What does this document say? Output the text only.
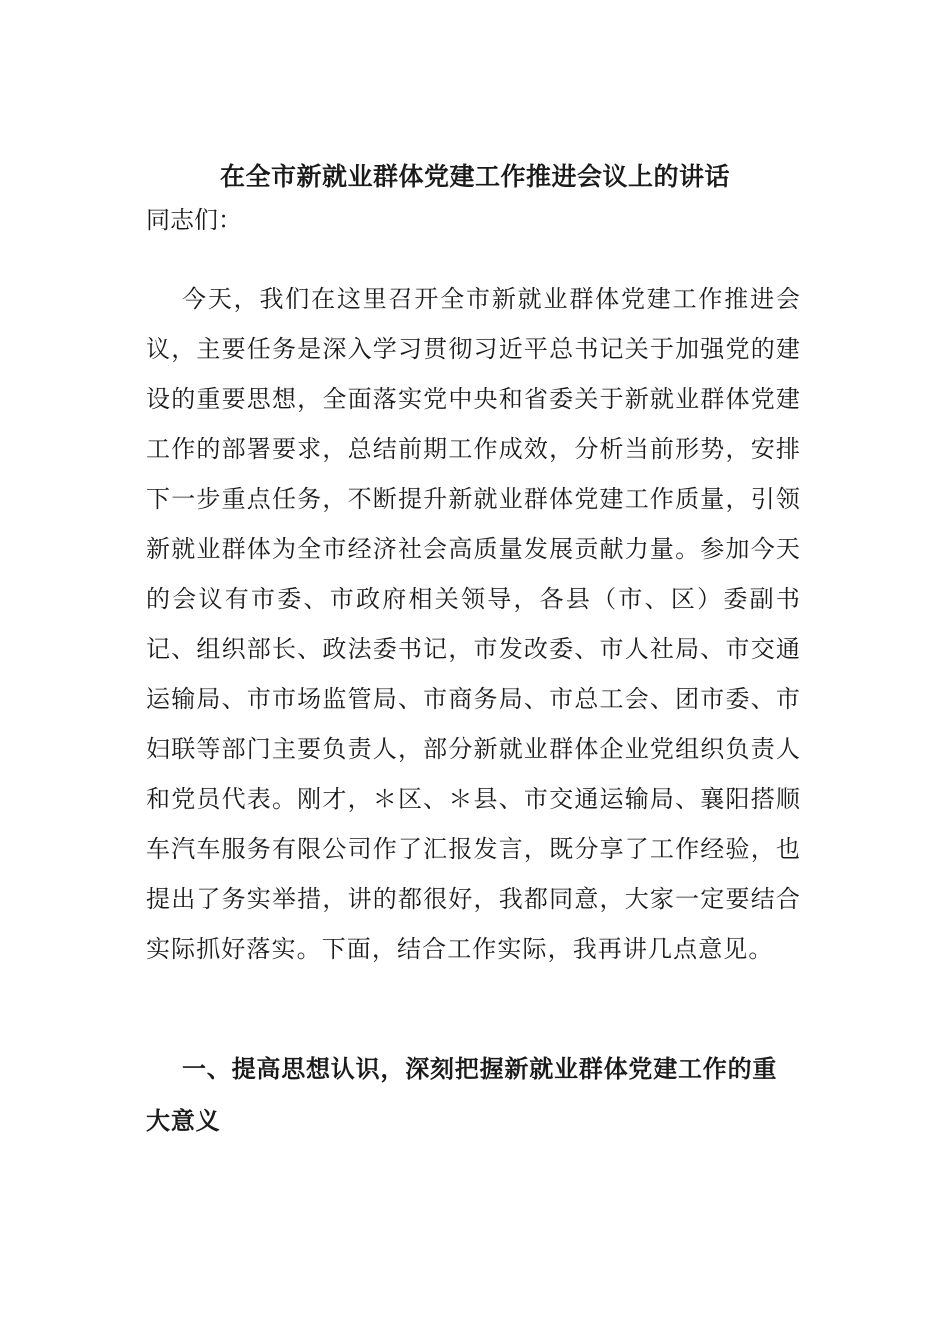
在全市新就业群体党建工作推进会议上的讲话

同志们：

今天，我们在这里召开全市新就业群体党建工作推进会议，主要任务是深入学习贯彻习近平总书记关于加强党的建设的重要思想，全面落实党中央和省委关于新就业群体党建工作的部署要求，总结前期工作成效，分析当前形势，安排下一步重点任务，不断提升新就业群体党建工作质量，引领新就业群体为全市经济社会高质量发展贡献力量。参加今天的会议有市委、市政府相关领导，各县（市、区）委副书记、组织部长、政法委书记，市发改委、市人社局、市交通运输局、市市场监管局、市商务局、市总工会、团市委、市妇联等部门主要负责人，部分新就业群体企业党组织负责人和党员代表。刚才，＊区、＊县、市交通运输局、襄阳搭顺车汽车服务有限公司作了汇报发言，既分享了工作经验，也提出了务实举措，讲的都很好，我都同意，大家一定要结合实际抓好落实。下面，结合工作实际，我再讲几点意见。

一、提高思想认识，深刻把握新就业群体党建工作的重大意义
